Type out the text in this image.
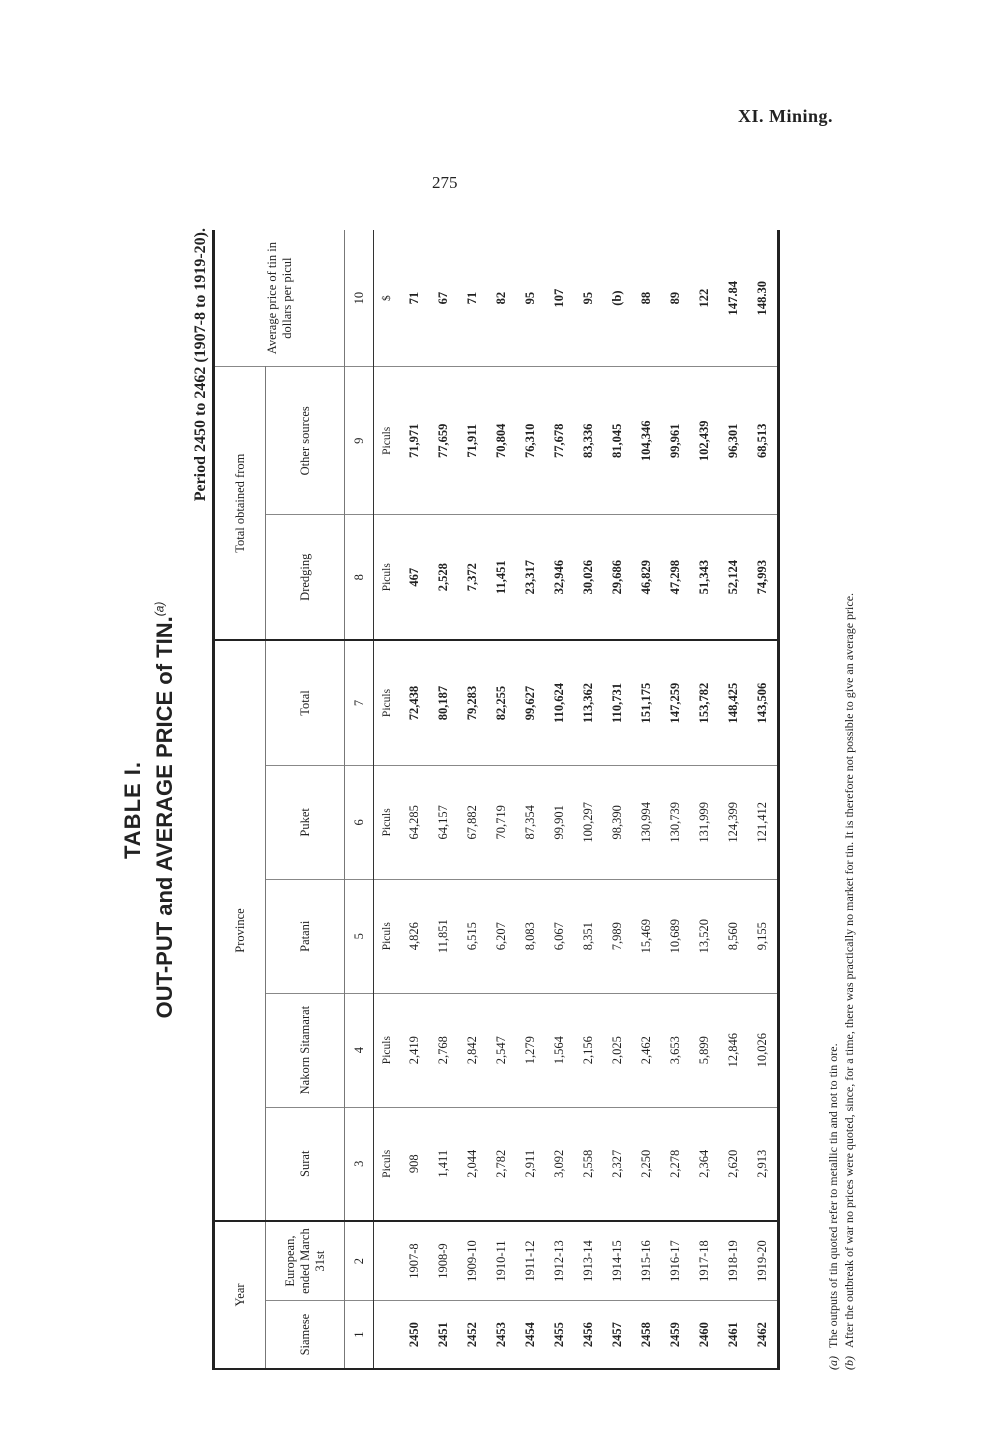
XI. Mining.
275
TABLE I. OUT-PUT and AVERAGE PRICE of TIN.$^{(a)}$
Period 2450 to 2462 (1907-8 to 1919-20).
Year		Province					Total obtained from		Average price of tin in dollars per picul
Siamese	European, ended March 31st	Surat	Nakorn Sitamarat	Patani	Puket	Total	Dredging	Other sources	
1	2	3	4	5	6	7	8	9	10
		Piculs	Piculs	Piculs	Piculs	Piculs	Piculs	Piculs	$
2450	1907-8	908	2,419	4,826	64,285	72,438	467	71,971	71
2451	1908-9	1,411	2,768	11,851	64,157	80,187	2,528	77,659	67
2452	1909-10	2,044	2,842	6,515	67,882	79,283	7,372	71,911	71
2453	1910-11	2,782	2,547	6,207	70,719	82,255	11,451	70,804	82
2454	1911-12	2,911	1,279	8,083	87,354	99,627	23,317	76,310	95
2455	1912-13	3,092	1,564	6,067	99,901	110,624	32,946	77,678	107
2456	1913-14	2,558	2,156	8,351	100,297	113,362	30,026	83,336	95
2457	1914-15	2,327	2,025	7,989	98,390	110,731	29,686	81,045	(b)
2458	1915-16	2,250	2,462	15,469	130,994	151,175	46,829	104,346	88
2459	1916-17	2,278	3,653	10,689	130,739	147,259	47,298	99,961	89
2460	1917-18	2,364	5,899	13,520	131,999	153,782	51,343	102,439	122
2461	1918-19	2,620	12,846	8,560	124,399	148,425	52,124	96,301	147.84
2462	1919-20	2,913	10,026	9,155	121,412	143,506	74,993	68,513	148.30
(a)The outputs of tin quoted refer to metallic tin and not to tin ore.
(b)After the outbreak of war no prices were quoted, since, for a time, there was practically no market for tin. It is therefore not possible to give an average price.
